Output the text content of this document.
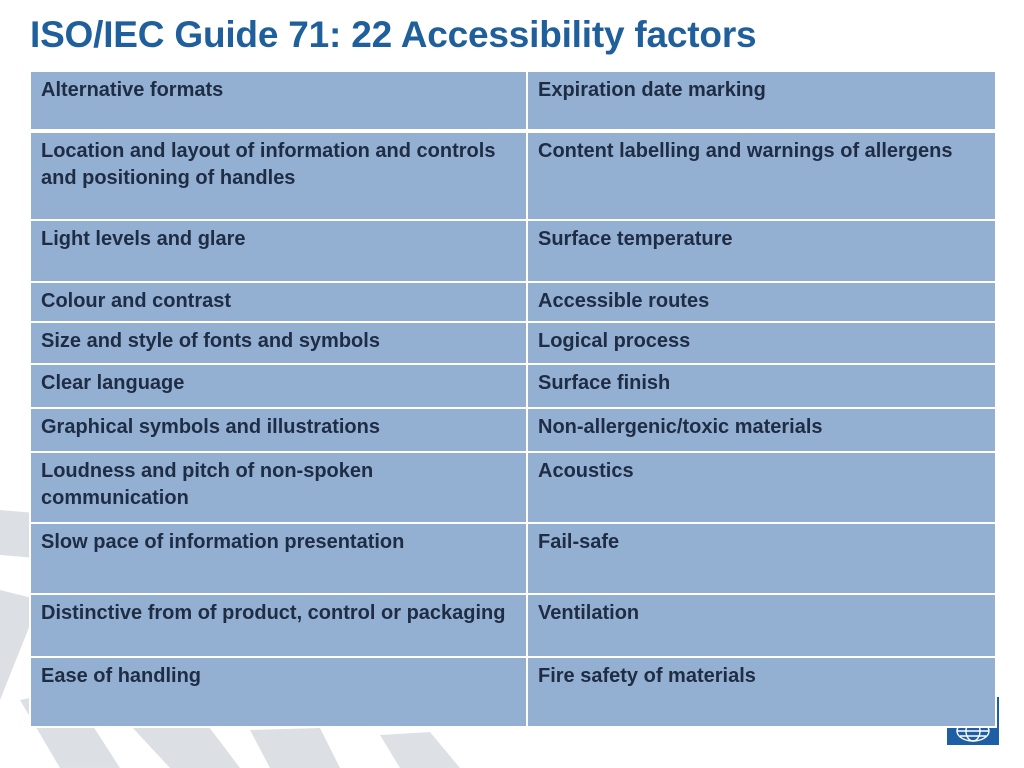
ISO/IEC Guide 71: 22 Accessibility factors
Alternative formats	Expiration date marking
Location and layout of information and controls and positioning of handles	Content labelling and warnings of allergens
Light levels and glare	Surface temperature
Colour and contrast	Accessible routes
Size and style of fonts and symbols	Logical process
Clear language	Surface finish
Graphical symbols and illustrations	Non-allergenic/toxic materials
Loudness and pitch of non-spoken communication	Acoustics
Slow pace of information presentation	Fail-safe
Distinctive from of product, control or packaging	Ventilation
Ease of handling	Fire safety of materials
